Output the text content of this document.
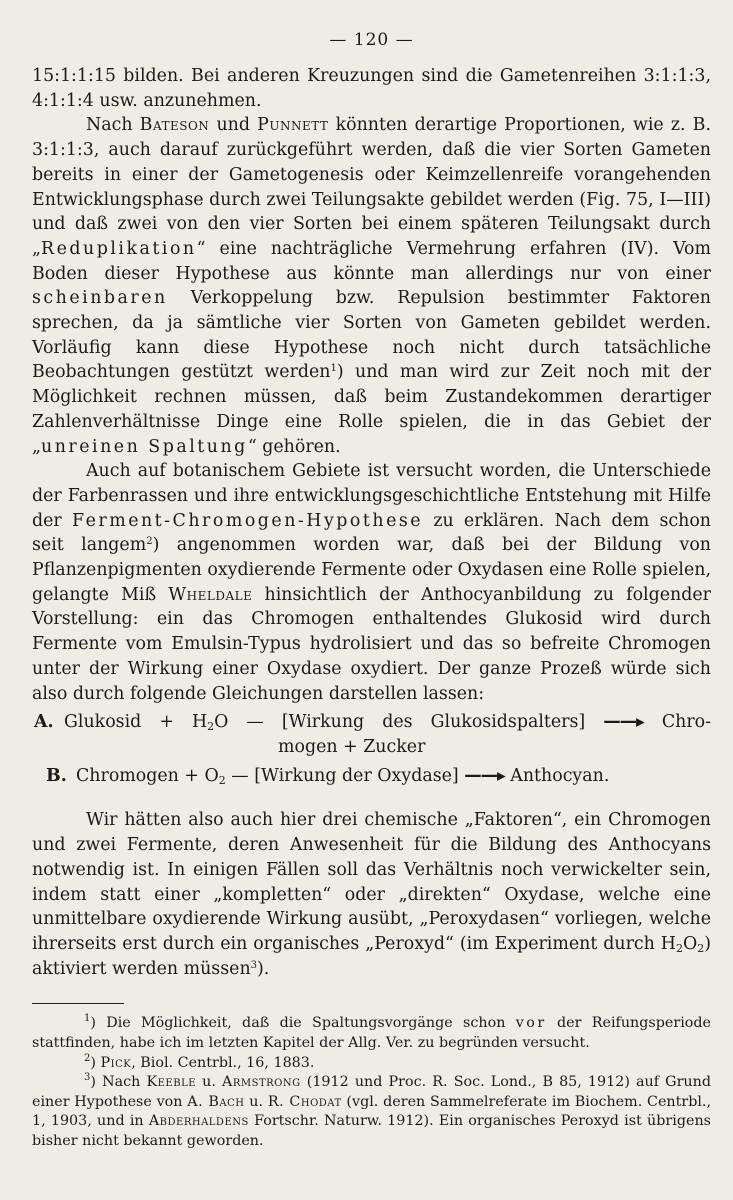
— 120 —

15:1:1:15 bilden. Bei anderen Kreuzungen sind die Gametenreihen 3:1:1:3, 4:1:1:4 usw. anzunehmen.

Nach Bateson und Punnett könnten derartige Proportionen, wie z. B. 3:1:1:3, auch darauf zurückgeführt werden, daß die vier Sorten Gameten bereits in einer der Gametogenesis oder Keimzellenreife vorangehenden Entwicklungsphase durch zwei Teilungsakte gebildet werden (Fig. 75, I—III) und daß zwei von den vier Sorten bei einem späteren Teilungsakt durch „Reduplikation“ eine nachträgliche Vermehrung erfahren (IV). Vom Boden dieser Hypothese aus könnte man allerdings nur von einer scheinbaren Verkoppelung bzw. Repulsion bestimmter Faktoren sprechen, da ja sämtliche vier Sorten von Gameten gebildet werden. Vorläufig kann diese Hypothese noch nicht durch tatsächliche Beobachtungen gestützt werden$^1$) und man wird zur Zeit noch mit der Möglichkeit rechnen müssen, daß beim Zustandekommen derartiger Zahlenverhältnisse Dinge eine Rolle spielen, die in das Gebiet der „unreinen Spaltung“ gehören.

Auch auf botanischem Gebiete ist versucht worden, die Unterschiede der Farbenrassen und ihre entwicklungsgeschichtliche Entstehung mit Hilfe der Ferment-Chromogen-Hypothese zu erklären. Nach dem schon seit langem$^2$) angenommen worden war, daß bei der Bildung von Pflanzenpigmenten oxydierende Fermente oder Oxydasen eine Rolle spielen, gelangte Miß Wheldale hinsichtlich der Anthocyanbildung zu folgender Vorstellung: ein das Chromogen enthaltendes Glukosid wird durch Fermente vom Emulsin-Typus hydrolisiert und das so befreite Chromogen unter der Wirkung einer Oxydase oxydiert. Der ganze Prozeß würde sich also durch folgende Gleichungen darstellen lassen:

A. Glukosid + $H_2O$ — [Wirkung des Glukosidspalters] ——▸ Chro-
mogen + Zucker
B. Chromogen + $O_2$ — [Wirkung der Oxydase] ——▸ Anthocyan.

Wir hätten also auch hier drei chemische „Faktoren“, ein Chromogen und zwei Fermente, deren Anwesenheit für die Bildung des Anthocyans notwendig ist. In einigen Fällen soll das Verhältnis noch verwickelter sein, indem statt einer „kompletten“ oder „direkten“ Oxydase, welche eine unmittelbare oxydierende Wirkung ausübt, „Peroxydasen“ vorliegen, welche ihrerseits erst durch ein organisches „Peroxyd“ (im Experiment durch $H_2O_2$) aktiviert werden müssen$^3$).

$^1$) Die Möglichkeit, daß die Spaltungsvorgänge schon vor der Reifungsperiode stattfinden, habe ich im letzten Kapitel der Allg. Ver. zu begründen versucht.

$^2$) Pick, Biol. Centrbl., 16, 1883.

$^3$) Nach Keeble u. Armstrong (1912 und Proc. R. Soc. Lond., B 85, 1912) auf Grund einer Hypothese von A. Bach u. R. Chodat (vgl. deren Sammelreferate im Biochem. Centrbl., 1, 1903, und in Abderhaldens Fortschr. Naturw. 1912). Ein organisches Peroxyd ist übrigens bisher nicht bekannt geworden.
